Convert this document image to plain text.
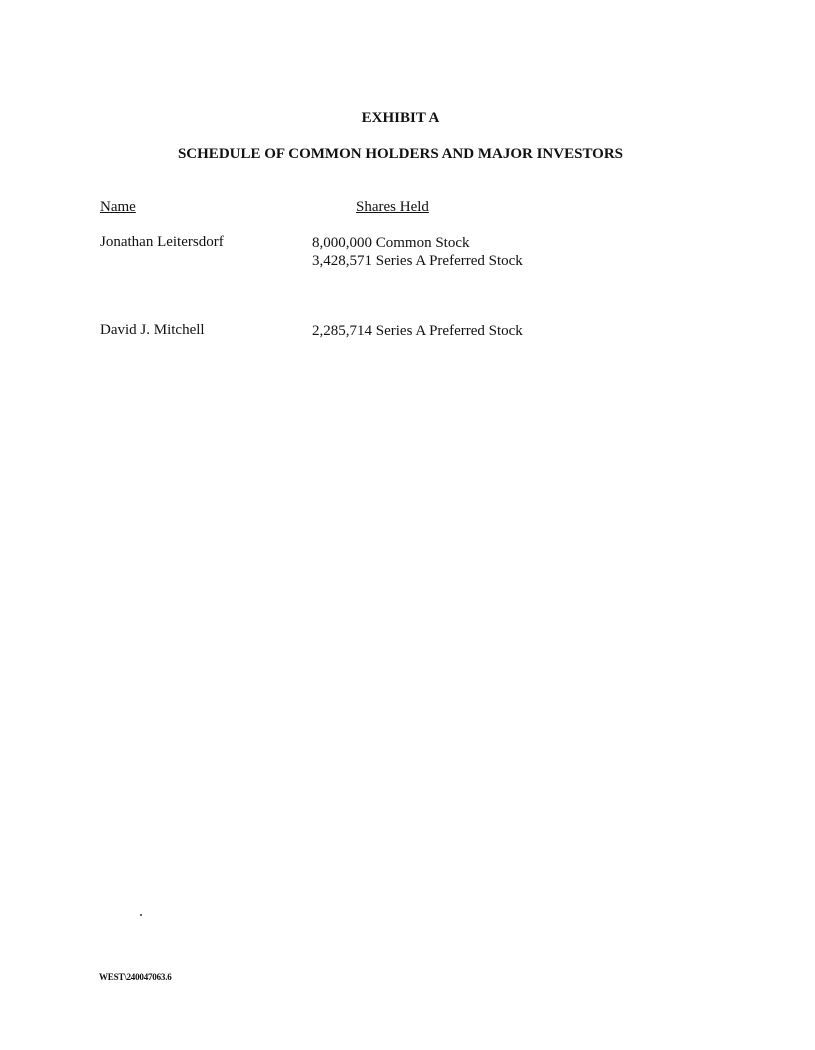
EXHIBIT A
SCHEDULE OF COMMON HOLDERS AND MAJOR INVESTORS
Name	Shares Held
Jonathan Leitersdorf	8,000,000 Common Stock
3,428,571 Series A Preferred Stock
David J. Mitchell	2,285,714 Series A Preferred Stock
WEST\240047063.6
